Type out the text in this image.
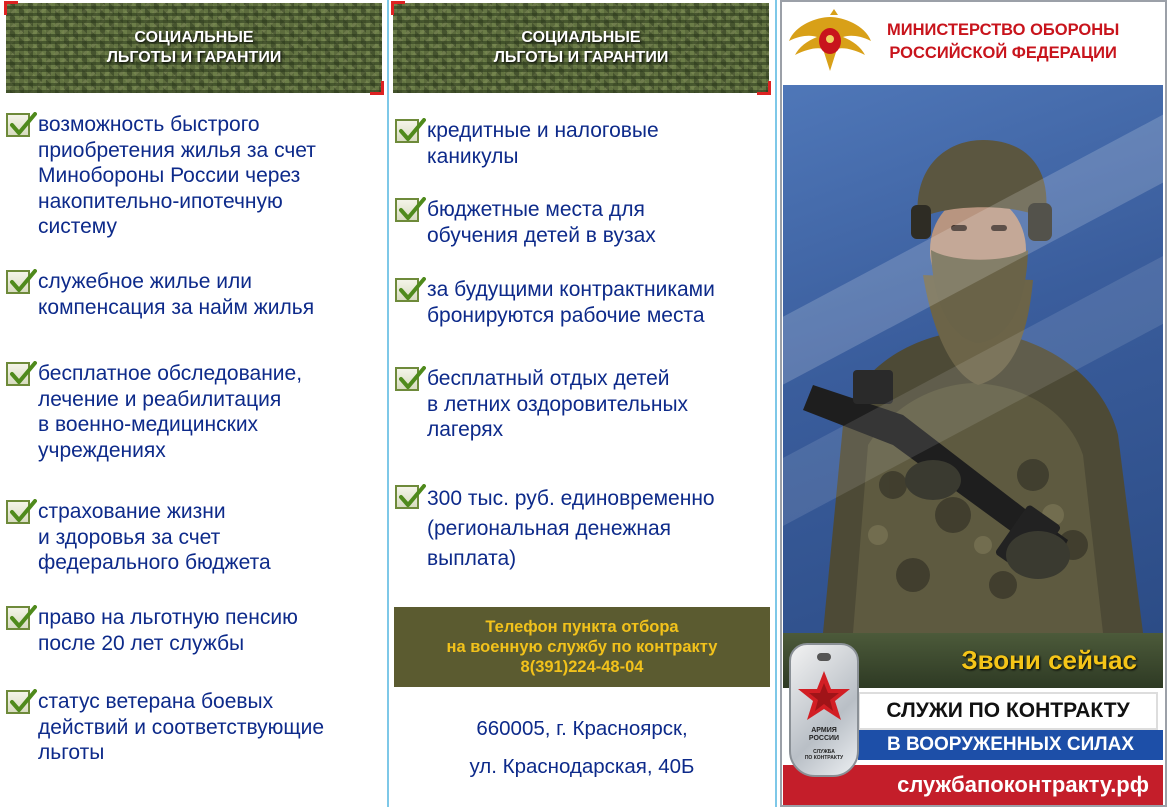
СОЦИАЛЬНЫЕ
ЛЬГОТЫ И ГАРАНТИИ
СОЦИАЛЬНЫЕ
ЛЬГОТЫ И ГАРАНТИИ
возможность быстрого
приобретения жилья за счет
Минобороны России через
накопительно-ипотечную
систему
служебное жилье или
компенсация за найм жилья
бесплатное обследование,
лечение и реабилитация
в военно-медицинских
учреждениях
страхование жизни
и здоровья за счет
федерального бюджета
право на льготную пенсию
после 20 лет службы
статус ветерана боевых
действий и соответствующие
льготы
кредитные и налоговые
каникулы
бюджетные места для
обучения детей в вузах
за будущими контрактниками
бронируются рабочие места
бесплатный отдых детей
в летних оздоровительных
лагерях
300 тыс. руб. единовременно
(региональная денежная
выплата)
Телефон пункта отбора
на военную службу по контракту
8(391)224-48-04
660005, г. Красноярск,
ул. Краснодарская, 40Б
МИНИСТЕРСТВО ОБОРОНЫ
РОССИЙСКОЙ ФЕДЕРАЦИИ
Звони сейчас
СЛУЖИ ПО КОНТРАКТУ
В ВООРУЖЕННЫХ СИЛАХ
службапоконтракту.рф
АРМИЯ
РОССИИ
СЛУЖБА
ПО КОНТРАКТУ
